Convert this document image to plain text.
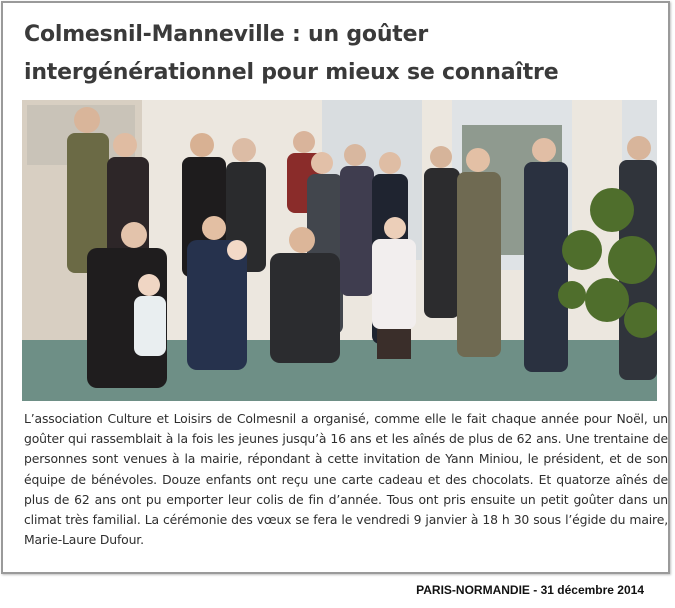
Colmesnil-Manneville : un goûter intergénérationnel pour mieux se connaître

L’association Culture et Loisirs de Colmesnil a organisé, comme elle le fait chaque année pour Noël, un goûter qui rassemblait à la fois les jeunes jusqu’à 16 ans et les aînés de plus de 62 ans. Une trentaine de personnes sont venues à la mairie, répondant à cette invitation de Yann Miniou, le président, et de son équipe de bénévoles. Douze enfants ont reçu une carte cadeau et des chocolats. Et quatorze aînés de plus de 62 ans ont pu emporter leur colis de fin d’année. Tous ont pris ensuite un petit goûter dans un climat très familial. La cérémonie des vœux se fera le vendredi 9 janvier à 18 h 30 sous l’égide du maire, Marie-Laure Dufour.

PARIS-NORMANDIE - 31 décembre 2014
